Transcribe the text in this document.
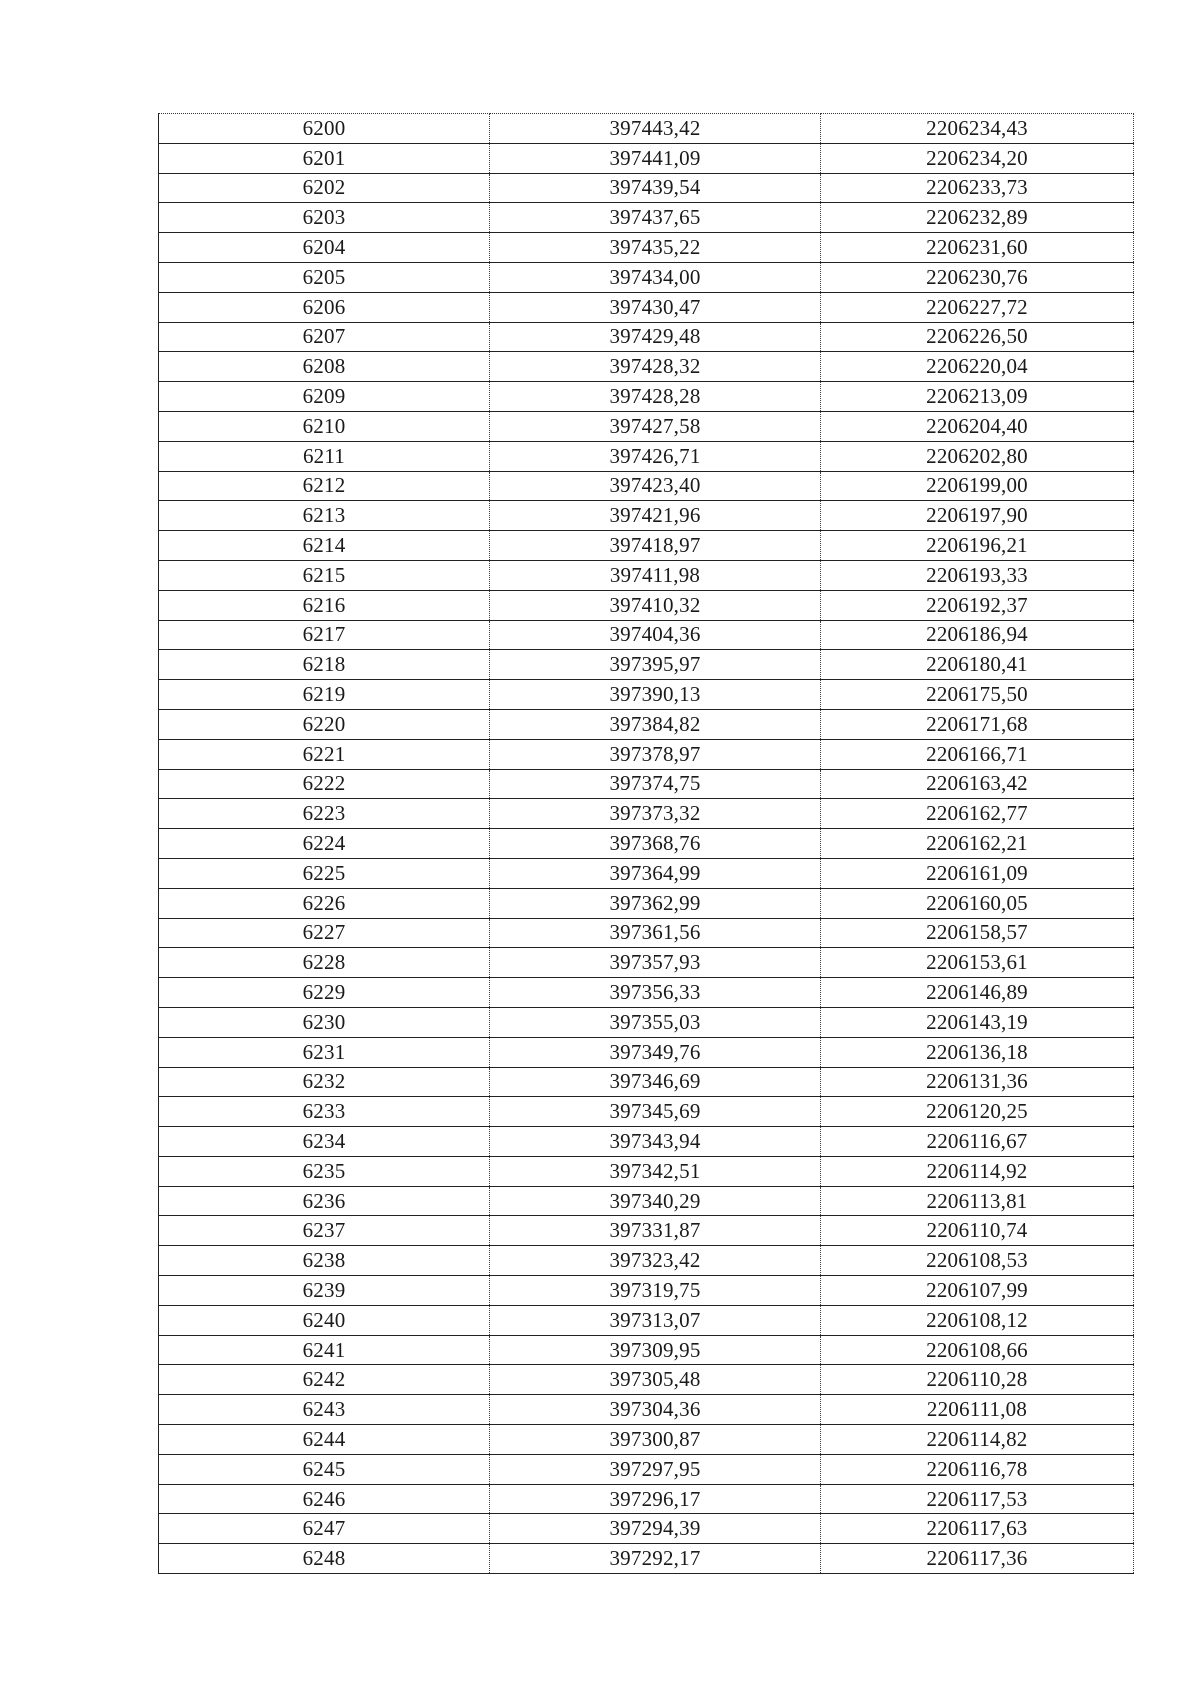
6200	397443,42	2206234,43
6201	397441,09	2206234,20
6202	397439,54	2206233,73
6203	397437,65	2206232,89
6204	397435,22	2206231,60
6205	397434,00	2206230,76
6206	397430,47	2206227,72
6207	397429,48	2206226,50
6208	397428,32	2206220,04
6209	397428,28	2206213,09
6210	397427,58	2206204,40
6211	397426,71	2206202,80
6212	397423,40	2206199,00
6213	397421,96	2206197,90
6214	397418,97	2206196,21
6215	397411,98	2206193,33
6216	397410,32	2206192,37
6217	397404,36	2206186,94
6218	397395,97	2206180,41
6219	397390,13	2206175,50
6220	397384,82	2206171,68
6221	397378,97	2206166,71
6222	397374,75	2206163,42
6223	397373,32	2206162,77
6224	397368,76	2206162,21
6225	397364,99	2206161,09
6226	397362,99	2206160,05
6227	397361,56	2206158,57
6228	397357,93	2206153,61
6229	397356,33	2206146,89
6230	397355,03	2206143,19
6231	397349,76	2206136,18
6232	397346,69	2206131,36
6233	397345,69	2206120,25
6234	397343,94	2206116,67
6235	397342,51	2206114,92
6236	397340,29	2206113,81
6237	397331,87	2206110,74
6238	397323,42	2206108,53
6239	397319,75	2206107,99
6240	397313,07	2206108,12
6241	397309,95	2206108,66
6242	397305,48	2206110,28
6243	397304,36	2206111,08
6244	397300,87	2206114,82
6245	397297,95	2206116,78
6246	397296,17	2206117,53
6247	397294,39	2206117,63
6248	397292,17	2206117,36
